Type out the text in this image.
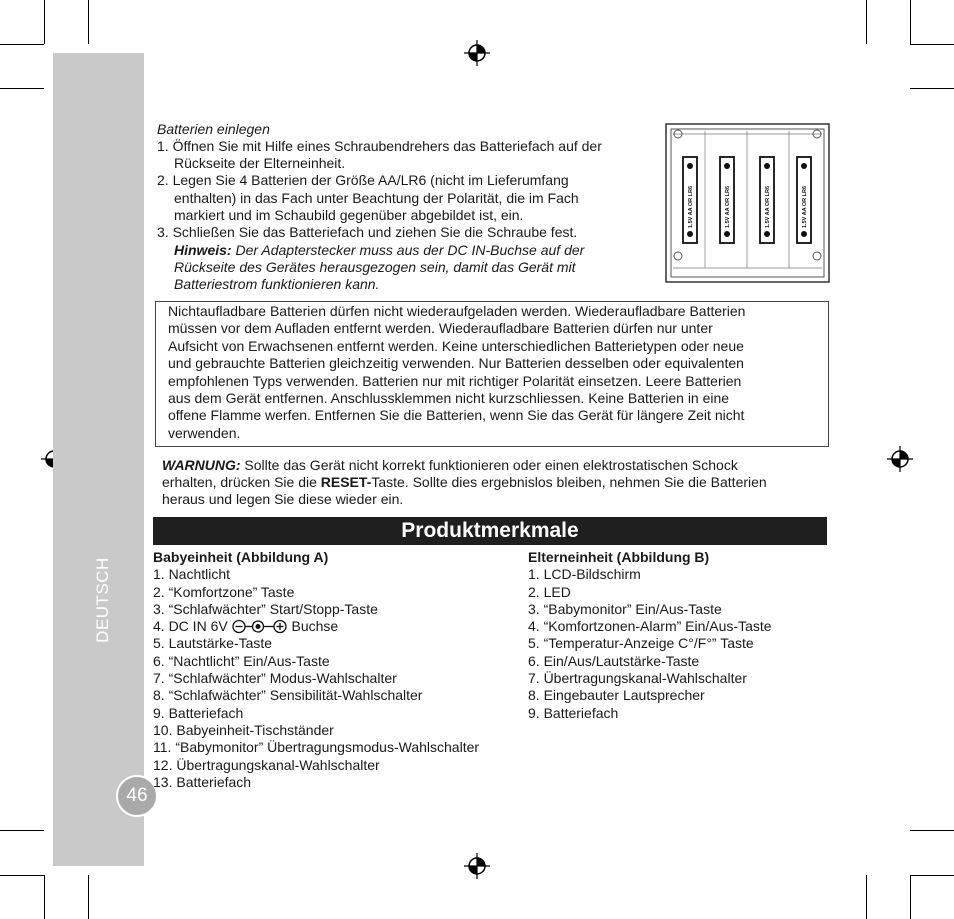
DEUTSCH
46
Batterien einlegen
1. Öffnen Sie mit Hilfe eines Schraubendrehers das Batteriefach auf der
Rückseite der Elterneinheit.
2. Legen Sie 4 Batterien der Größe AA/LR6 (nicht im Lieferumfang
enthalten) in das Fach unter Beachtung der Polarität, die im Fach
markiert und im Schaubild gegenüber abgebildet ist, ein.
3. Schließen Sie das Batteriefach und ziehen Sie die Schraube fest.
Hinweis: Der Adapterstecker muss aus der DC IN-Buchse auf der
Rückseite des Gerätes herausgezogen sein, damit das Gerät mit
Batteriestrom funktionieren kann.
1.5V AA OR LR6	1.5V AA OR LR6	1.5V AA OR LR6	1.5V AA OR LR6
Nichtaufladbare Batterien dürfen nicht wiederaufgeladen werden. Wiederaufladbare Batterien
müssen vor dem Aufladen entfernt werden. Wiederaufladbare Batterien dürfen nur unter
Aufsicht von Erwachsenen entfernt werden. Keine unterschiedlichen Batterietypen oder neue
und gebrauchte Batterien gleichzeitig verwenden. Nur Batterien desselben oder equivalenten
empfohlenen Typs verwenden. Batterien nur mit richtiger Polarität einsetzen. Leere Batterien
aus dem Gerät entfernen. Anschlussklemmen nicht kurzschliessen. Keine Batterien in eine
offene Flamme werfen. Entfernen Sie die Batterien, wenn Sie das Gerät für längere Zeit nicht
verwenden.
WARNUNG: Sollte das Gerät nicht korrekt funktionieren oder einen elektrostatischen Schock
erhalten, drücken Sie die RESET-Taste. Sollte dies ergebnislos bleiben, nehmen Sie die Batterien
heraus und legen Sie diese wieder ein.
Produktmerkmale
Babyeinheit (Abbildung A)
1. Nachtlicht
2. “Komfortzone” Taste
3. “Schlafwächter” Start/Stopp-Taste
4. DC IN 6V	Buchse
5. Lautstärke-Taste
6. “Nachtlicht” Ein/Aus-Taste
7. “Schlafwächter” Modus-Wahlschalter
8. “Schlafwächter” Sensibilität-Wahlschalter
9. Batteriefach
10. Babyeinheit-Tischständer
11. “Babymonitor” Übertragungsmodus-Wahlschalter
12. Übertragungskanal-Wahlschalter
13. Batteriefach
Elterneinheit (Abbildung B)
1. LCD-Bildschirm
2. LED
3. “Babymonitor” Ein/Aus-Taste
4. “Komfortzonen-Alarm” Ein/Aus-Taste
5. “Temperatur-Anzeige C°/F°” Taste
6. Ein/Aus/Lautstärke-Taste
7. Übertragungskanal-Wahlschalter
8. Eingebauter Lautsprecher
9. Batteriefach
